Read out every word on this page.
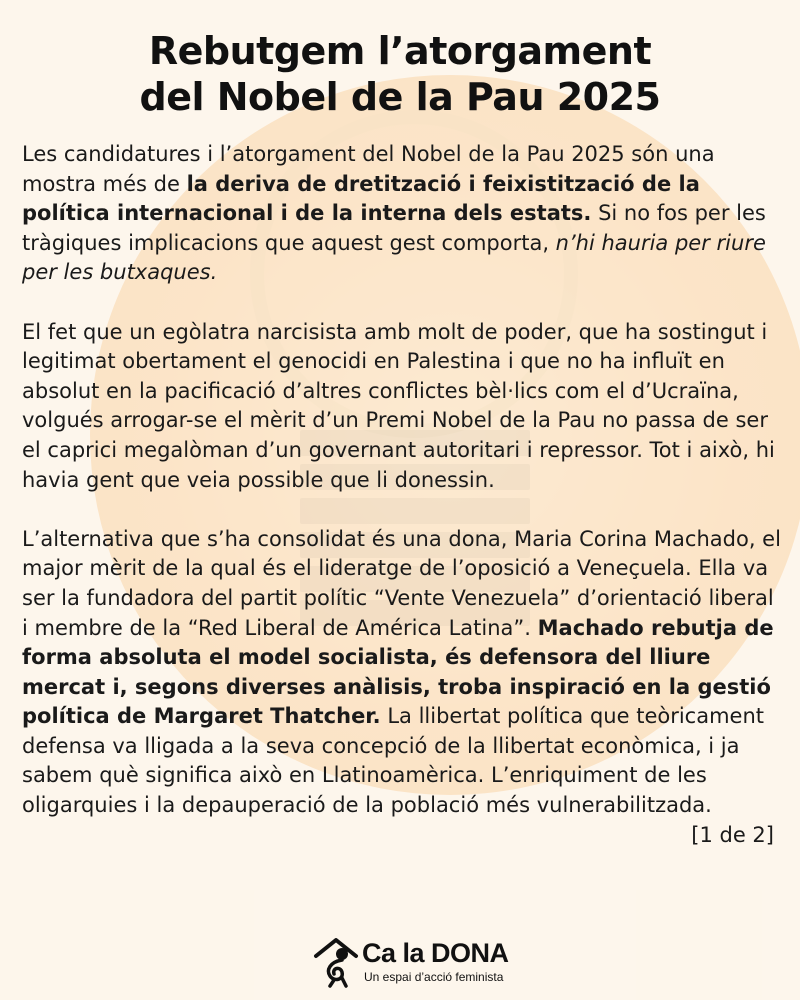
Rebutgem l’atorgament
del Nobel de la Pau 2025

Les candidatures i l’atorgament del Nobel de la Pau 2025 són una mostra més de la deriva de dretització i feixistització de la política internacional i de la interna dels estats. Si no fos per les tràgiques implicacions que aquest gest comporta, n’hi hauria per riure per les butxaques.

El fet que un egòlatra narcisista amb molt de poder, que ha sostingut i legitimat obertament el genocidi en Palestina i que no ha influït en absolut en la pacificació d’altres conflictes bèl·lics com el d’Ucraïna, volgués arrogar-se el mèrit d’un Premi Nobel de la Pau no passa de ser el caprici megalòman d’un governant autoritari i repressor. Tot i això, hi havia gent que veia possible que li donessin.

L’alternativa que s’ha consolidat és una dona, Maria Corina Machado, el major mèrit de la qual és el lideratge de l’oposició a Veneçuela. Ella va ser la fundadora del partit polític “Vente Venezuela” d’orientació liberal i membre de la “Red Liberal de América Latina”. Machado rebutja de forma absoluta el model socialista, és defensora del lliure mercat i, segons diverses anàlisis, troba inspiració en la gestió política de Margaret Thatcher. La llibertat política que teòricament defensa va lligada a la seva concepció de la llibertat econòmica, i ja sabem què significa això en Llatinoamèrica. L’enriquiment de les oligarquies i la depauperació de la població més vulnerabilitzada.
[1 de 2]

Ca la DONA
Un espai d’acció feminista
